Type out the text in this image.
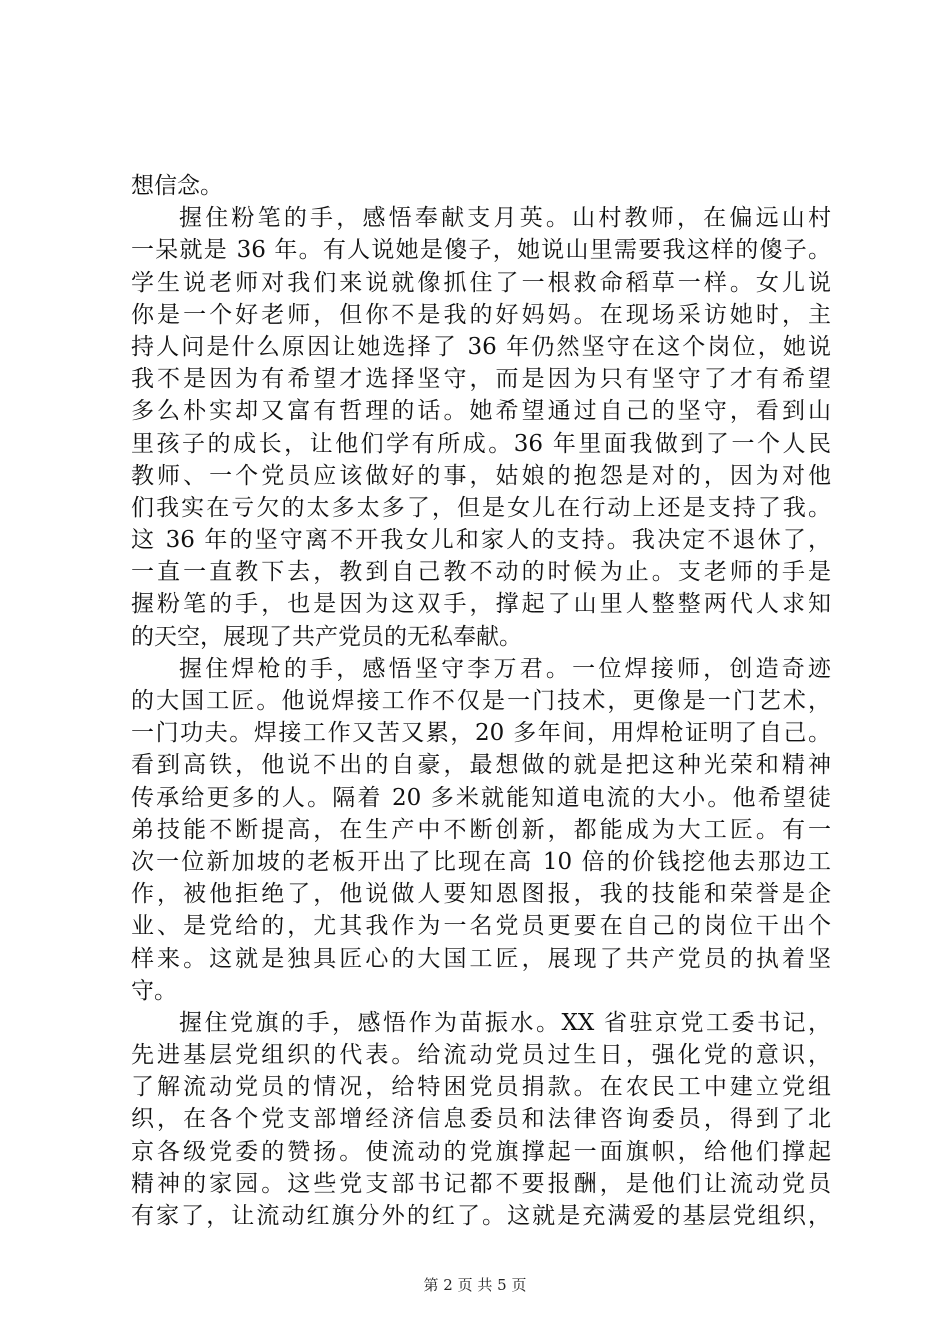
想信念。
握住粉笔的手，感悟奉献支月英。山村教师，在偏远山村
一呆就是 36 年。有人说她是傻子，她说山里需要我这样的傻子。
学生说老师对我们来说就像抓住了一根救命稻草一样。女儿说
你是一个好老师，但你不是我的好妈妈。在现场采访她时，主
持人问是什么原因让她选择了 36 年仍然坚守在这个岗位，她说
我不是因为有希望才选择坚守，而是因为只有坚守了才有希望
多么朴实却又富有哲理的话。她希望通过自己的坚守，看到山
里孩子的成长，让他们学有所成。36 年里面我做到了一个人民
教师、一个党员应该做好的事，姑娘的抱怨是对的，因为对他
们我实在亏欠的太多太多了，但是女儿在行动上还是支持了我。
这 36 年的坚守离不开我女儿和家人的支持。我决定不退休了，
一直一直教下去，教到自己教不动的时候为止。支老师的手是
握粉笔的手，也是因为这双手，撑起了山里人整整两代人求知
的天空，展现了共产党员的无私奉献。
握住焊枪的手，感悟坚守李万君。一位焊接师，创造奇迹
的大国工匠。他说焊接工作不仅是一门技术，更像是一门艺术，
一门功夫。焊接工作又苦又累，20 多年间，用焊枪证明了自己。
看到高铁，他说不出的自豪，最想做的就是把这种光荣和精神
传承给更多的人。隔着 20 多米就能知道电流的大小。他希望徒
弟技能不断提高，在生产中不断创新，都能成为大工匠。有一
次一位新加坡的老板开出了比现在高 10 倍的价钱挖他去那边工
作，被他拒绝了，他说做人要知恩图报，我的技能和荣誉是企
业、是党给的，尤其我作为一名党员更要在自己的岗位干出个
样来。这就是独具匠心的大国工匠，展现了共产党员的执着坚
守。
握住党旗的手，感悟作为苗振水。XX 省驻京党工委书记，
先进基层党组织的代表。给流动党员过生日，强化党的意识，
了解流动党员的情况，给特困党员捐款。在农民工中建立党组
织，在各个党支部增经济信息委员和法律咨询委员，得到了北
京各级党委的赞扬。使流动的党旗撑起一面旗帜，给他们撑起
精神的家园。这些党支部书记都不要报酬，是他们让流动党员
有家了，让流动红旗分外的红了。这就是充满爱的基层党组织，
第 2 页 共 5 页
